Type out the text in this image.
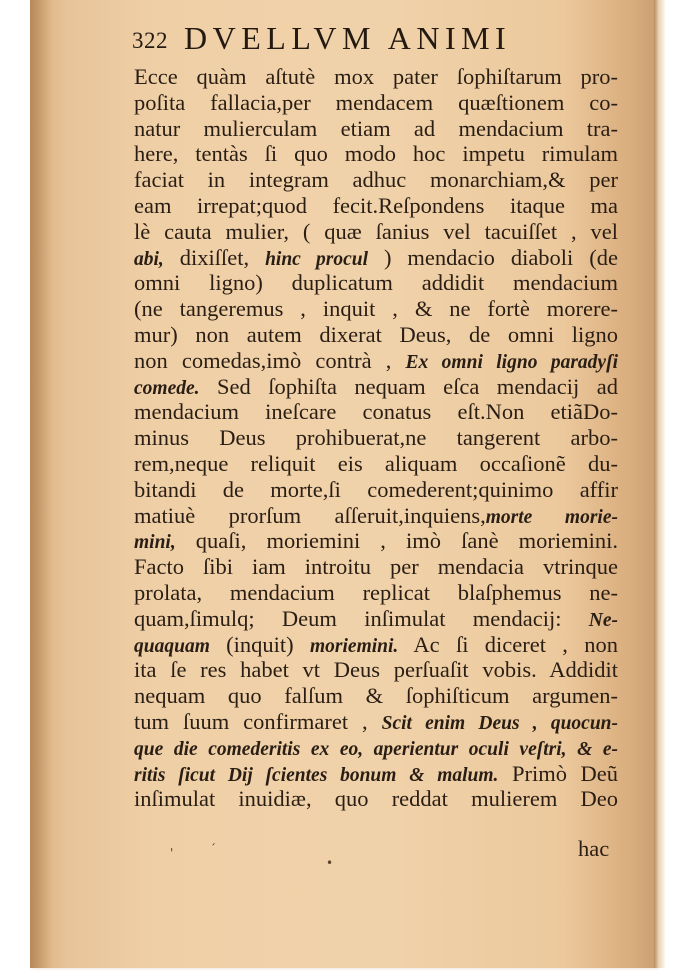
322 DVELLVM ANIMI
Ecce quàm aſtutè mox pater ſophiſtarum pro-
poſita fallacia,per mendacem quæſtionem co-
natur mulierculam etiam ad mendacium tra-
here, tentàs ſi quo modo hoc impetu rimulam
faciat in integram adhuc monarchiam,& per
eam irrepat;quod fecit.Reſpondens itaque ma
lè cauta mulier, ( quæ ſanius vel tacuiſſet , vel
abi, dixiſſet, hinc procul ) mendacio diaboli (de
omni ligno) duplicatum addidit mendacium
(ne tangeremus , inquit , & ne fortè morere-
mur) non autem dixerat Deus, de omni ligno
non comedas,imò contrà , Ex omni ligno paradyſi
comede. Sed ſophiſta nequam eſca mendacij ad
mendacium ineſcare conatus eſt.Non etiãDo-
minus Deus prohibuerat,ne tangerent arbo-
rem,neque reliquit eis aliquam occaſionẽ du-
bitandi de morte,ſi comederent;quinimo affir
matiuè prorſum aſſeruit,inquiens,morte morie-
mini, quaſi, moriemini , imò ſanè moriemini.
Facto ſibi iam introitu per mendacia vtrinque
prolata, mendacium replicat blaſphemus ne-
quam,ſimulq; Deum inſimulat mendacij: Ne-
quaquam (inquit) moriemini. Ac ſi diceret , non
ita ſe res habet vt Deus perſuaſit vobis. Addidit
nequam quo falſum & ſophiſticum argumen-
tum ſuum confirmaret , Scit enim Deus , quocun-
que die comederitis ex eo, aperientur oculi veſtri, & e-
ritis ſicut Dij ſcientes bonum & malum. Primò Deũ
inſimulat inuidiæ, quo reddat mulierem Deo
hac
'
•
ˊ
